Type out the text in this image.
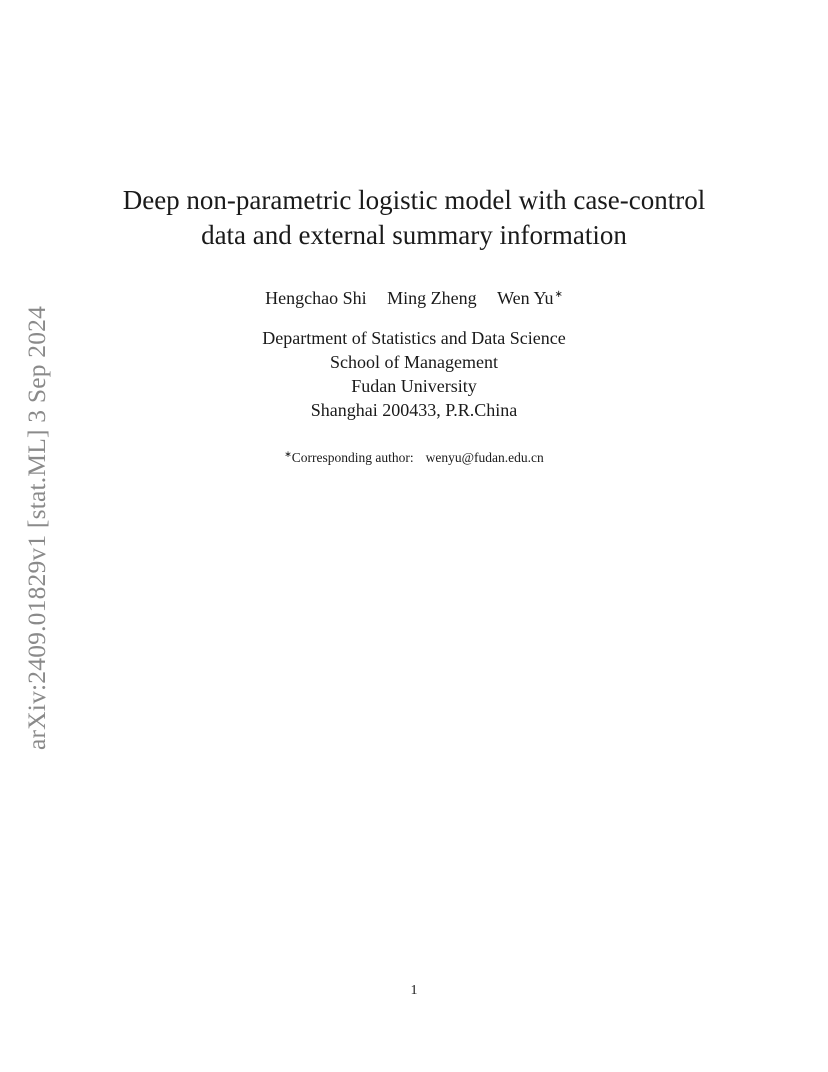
arXiv:2409.01829v1 [stat.ML] 3 Sep 2024
Deep non-parametric logistic model with case-control
data and external summary information
Hengchao Shi Ming Zheng Wen Yu∗
Department of Statistics and Data Science
School of Management
Fudan University
Shanghai 200433, P.R.China
∗Corresponding author: wenyu@fudan.edu.cn
1
